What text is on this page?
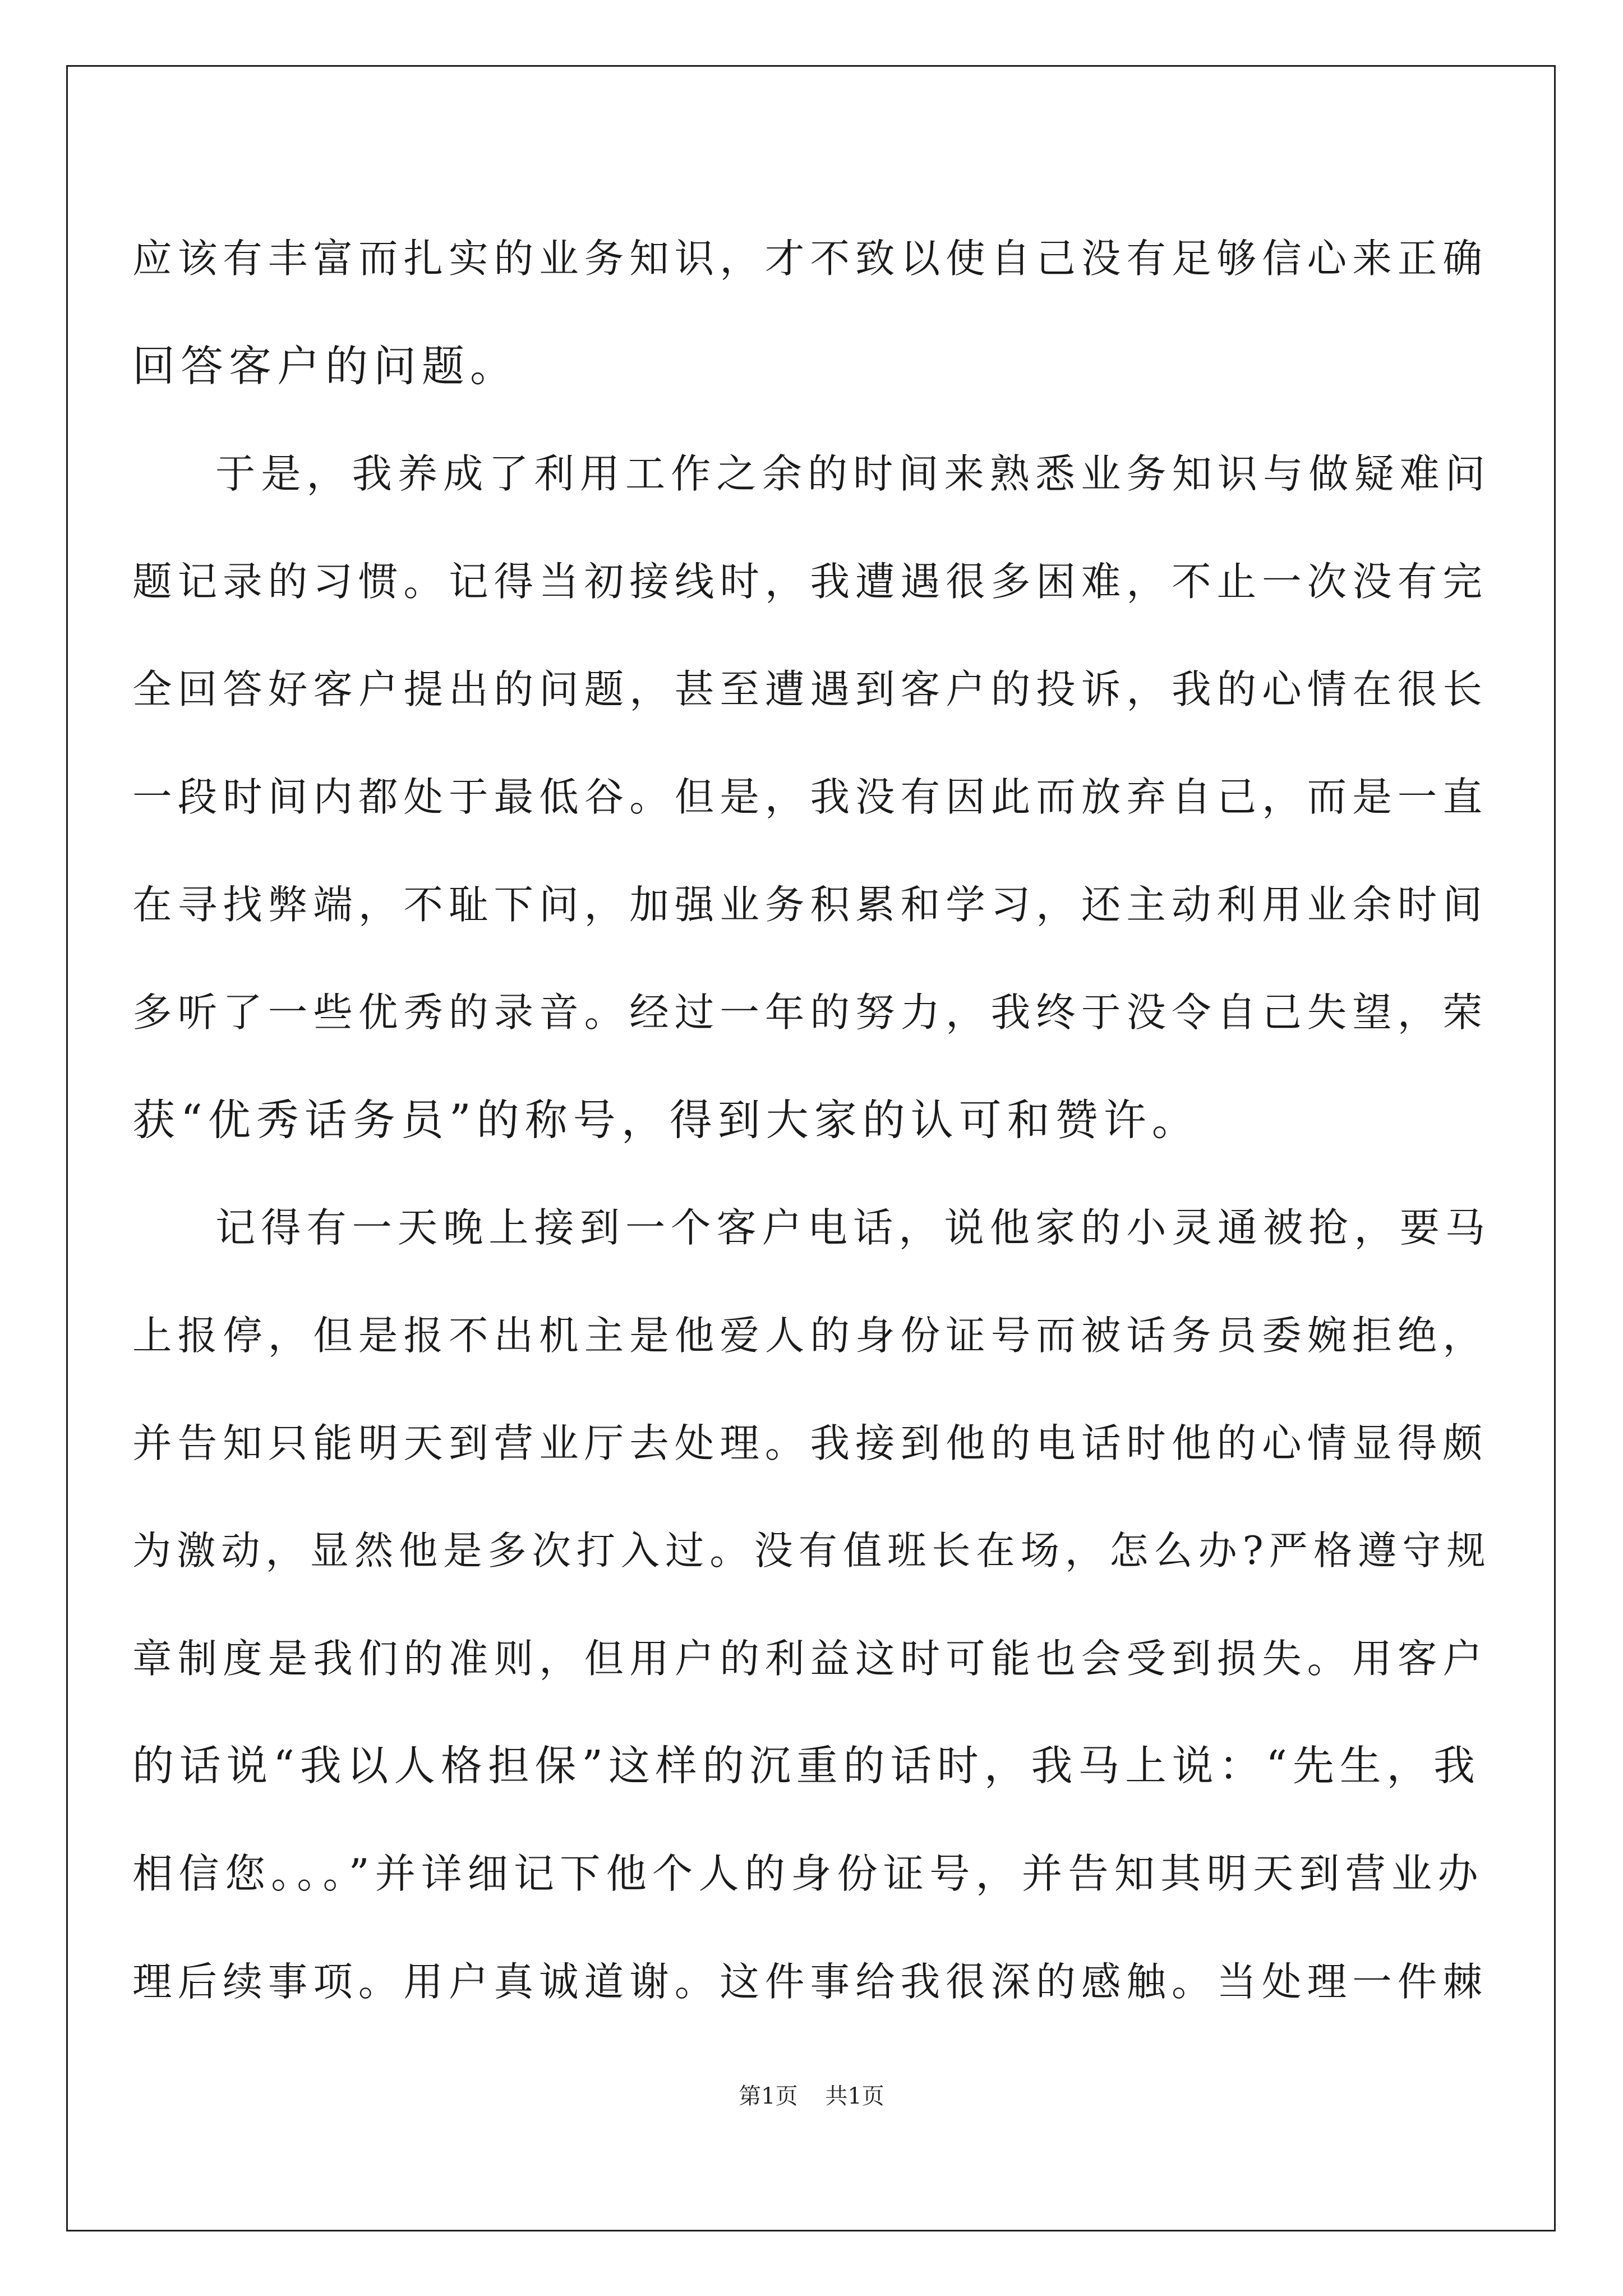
应该有丰富而扎实的业务知识，才不致以使自己没有足够信心来正确
回答客户的问题。
于是，我养成了利用工作之余的时间来熟悉业务知识与做疑难问
题记录的习惯。记得当初接线时，我遭遇很多困难，不止一次没有完
全回答好客户提出的问题，甚至遭遇到客户的投诉，我的心情在很长
一段时间内都处于最低谷。但是，我没有因此而放弃自己，而是一直
在寻找弊端，不耻下问，加强业务积累和学习，还主动利用业余时间
多听了一些优秀的录音。经过一年的努力，我终于没令自己失望，荣
获“优秀话务员”的称号，得到大家的认可和赞许。
记得有一天晚上接到一个客户电话，说他家的小灵通被抢，要马
上报停，但是报不出机主是他爱人的身份证号而被话务员委婉拒绝，
并告知只能明天到营业厅去处理。我接到他的电话时他的心情显得颇
为激动，显然他是多次打入过。没有值班长在场，怎么办?严格遵守规
章制度是我们的准则，但用户的利益这时可能也会受到损失。用客户
的话说“我以人格担保”这样的沉重的话时，我马上说：“先生，我
相信您。。。”并详细记下他个人的身份证号，并告知其明天到营业办
理后续事项。用户真诚道谢。这件事给我很深的感触。当处理一件棘
第1页 共1页
